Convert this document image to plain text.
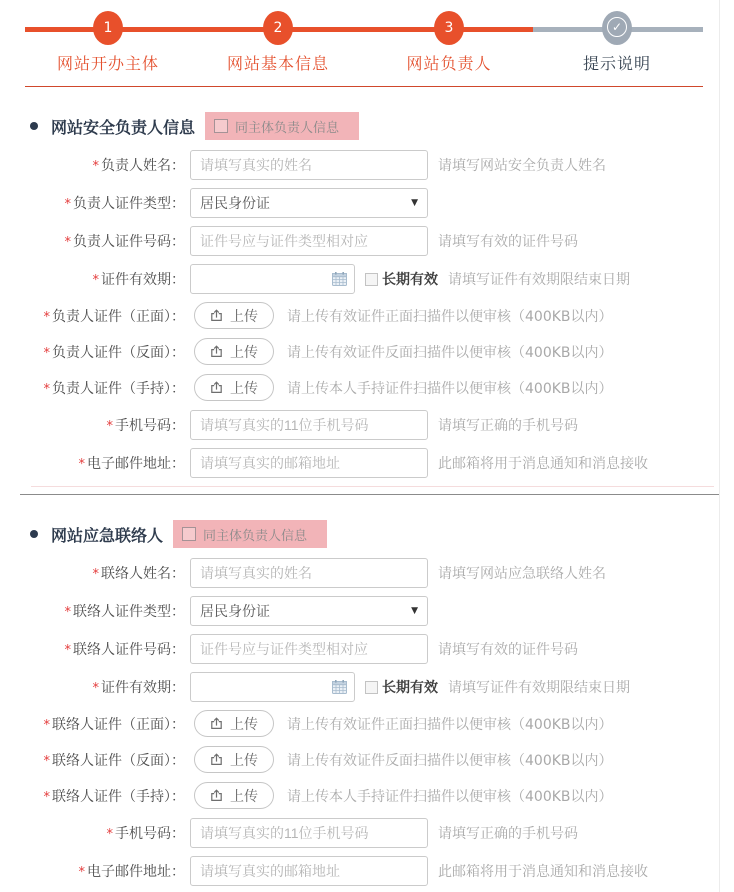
1
网站开办主体
2
网站基本信息
3
网站负责人
✓
提示说明
网站安全负责人信息	同主体负责人信息
* 负责人姓名：
请填写真实的姓名	请填写网站安全负责人姓名
* 负责人证件类型： 居民身份证	▼
* 负责人证件号码：
证件号应与证件类型相对应	请填写有效的证件号码
* 证件有效期：	长期有效 请填写证件有效期限结束日期
* 负责人证件（正面）：	上传 请上传有效证件正面扫描件以便审核（400KB以内）
* 负责人证件（反面）：	上传 请上传有效证件反面扫描件以便审核（400KB以内）
* 负责人证件（手持）：	上传 请上传本人手持证件扫描件以便审核（400KB以内）
* 手机号码：
请填写真实的11位手机号码	请填写正确的手机号码
* 电子邮件地址：
请填写真实的邮箱地址	此邮箱将用于消息通知和消息接收
网站应急联络人	同主体负责人信息
* 联络人姓名：
请填写真实的姓名	请填写网站应急联络人姓名
* 联络人证件类型： 居民身份证	▼
* 联络人证件号码：
证件号应与证件类型相对应	请填写有效的证件号码
* 证件有效期：	长期有效 请填写证件有效期限结束日期
* 联络人证件（正面）：	上传 请上传有效证件正面扫描件以便审核（400KB以内）
* 联络人证件（反面）：	上传 请上传有效证件反面扫描件以便审核（400KB以内）
* 联络人证件（手持）：	上传 请上传本人手持证件扫描件以便审核（400KB以内）
* 手机号码：
请填写真实的11位手机号码	请填写正确的手机号码
* 电子邮件地址：
请填写真实的邮箱地址	此邮箱将用于消息通知和消息接收
